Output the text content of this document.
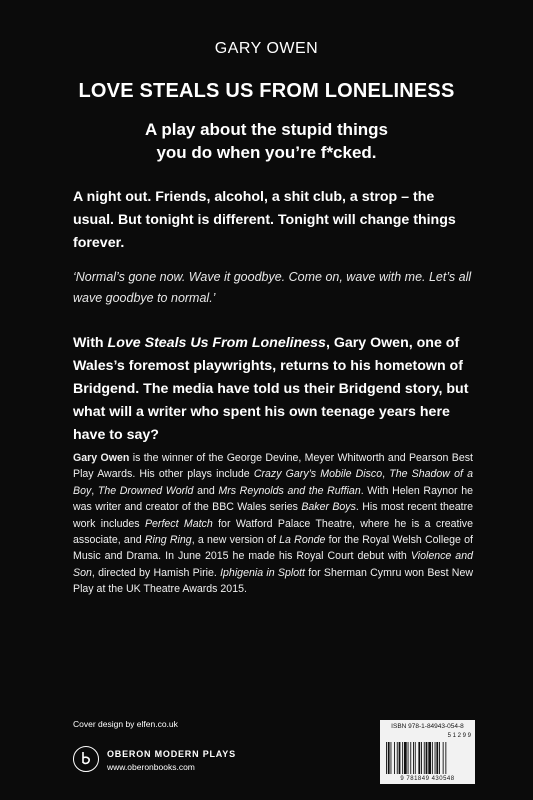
GARY OWEN
LOVE STEALS US FROM LONELINESS
A play about the stupid things
you do when you’re f*cked.
A night out. Friends, alcohol, a shit club, a strop – the usual. But tonight is different. Tonight will change things forever.
‘Normal’s gone now. Wave it goodbye. Come on, wave with me. Let’s all wave goodbye to normal.’
With Love Steals Us From Loneliness, Gary Owen, one of Wales’s foremost playwrights, returns to his hometown of Bridgend. The media have told us their Bridgend story, but what will a writer who spent his own teenage years here have to say?
Gary Owen is the winner of the George Devine, Meyer Whitworth and Pearson Best Play Awards. His other plays include Crazy Gary’s Mobile Disco, The Shadow of a Boy, The Drowned World and Mrs Reynolds and the Ruffian. With Helen Raynor he was writer and creator of the BBC Wales series Baker Boys. His most recent theatre work includes Perfect Match for Watford Palace Theatre, where he is a creative associate, and Ring Ring, a new version of La Ronde for the Royal Welsh College of Music and Drama. In June 2015 he made his Royal Court debut with Violence and Son, directed by Hamish Pirie. Iphigenia in Splott for Sherman Cymru won Best New Play at the UK Theatre Awards 2015.
Cover design by elfen.co.uk
OBERON MODERN PLAYS
www.oberonbooks.com
ISBN 978-1-84943-054-8
5 1 2 9 9
9 781849 430548
